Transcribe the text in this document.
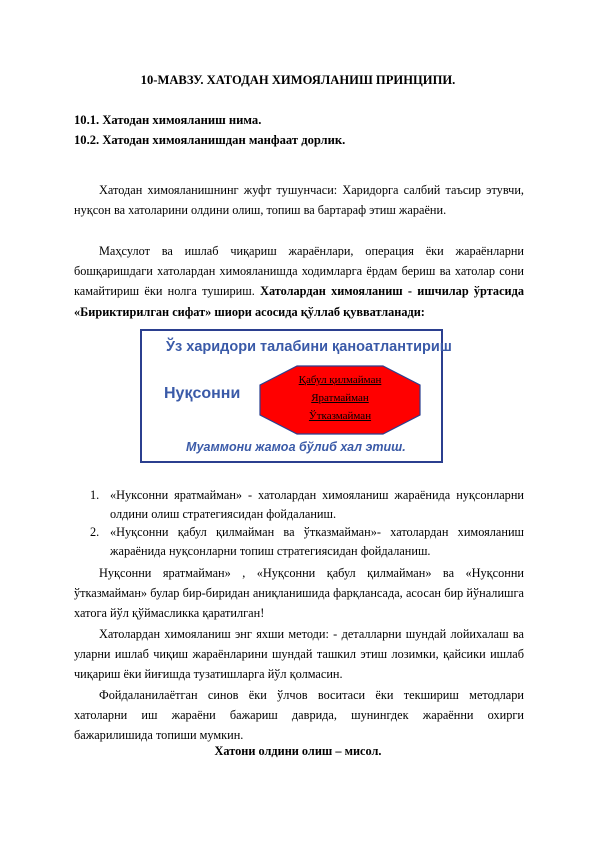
10-МАВЗУ. ХАТОДАН ХИМОЯЛАНИШ ПРИНЦИПИ.
10.1. Хатодан химояланиш нима.
10.2. Хатодан химояланишдан манфаат дорлик.
Хатодан химояланишнинг жуфт тушунчаси: Харидорга салбий таъсир этувчи, нуқсон ва хатоларини олдини олиш, топиш ва бартараф этиш жараёни.
Маҳсулот ва ишлаб чиқариш жараёнлари, операция ёки жараёнларни бошқаришдаги хатолардан химояланишда ходимларга ёрдам бериш ва хатолар сони камайтириш ёки нолга тушириш. Хатолардан химояланиш - ишчилар ўртасида «Бириктирилган сифат» шиори асосида қўллаб қувватланади:
Ўз харидори талабини қаноатлантириш
Нуқсонни
Қабул қилмайман
Яратмайман
Ўтказмайман
Муаммони жамоа бўлиб хал этиш.
1. «Нуксонни яратмайман» - хатолардан химояланиш жараёнида нуқсонларни олдини олиш стратегиясидан фойдаланиш.
2. «Нуқсонни қабул қилмайман ва ўтказмайман»- хатолардан химояланиш жараёнида нуқсонларни топиш стратегиясидан фойдаланиш.
Нуқсонни яратмайман» , «Нуқсонни қабул қилмайман» ва «Нуқсонни ўтказмайман» булар бир-биридан аниқланишида фарқлансада, асосан бир йўналишга хатога йўл қўймасликка қаратилган!
Хатолардан химояланиш энг яхши методи: - деталларни шундай лойихалаш ва уларни ишлаб чиқиш жараёнларини шундай ташкил этиш лозимки, қайсики ишлаб чиқариш ёки йиғишда тузатишларга йўл қолмасин.
Фойдаланилаётган синов ёки ўлчов воситаси ёки текшириш методлари хатоларни иш жараёни бажариш даврида, шунингдек жараённи охирги бажарилишида топиши мумкин.
Хатони олдини олиш – мисол.
